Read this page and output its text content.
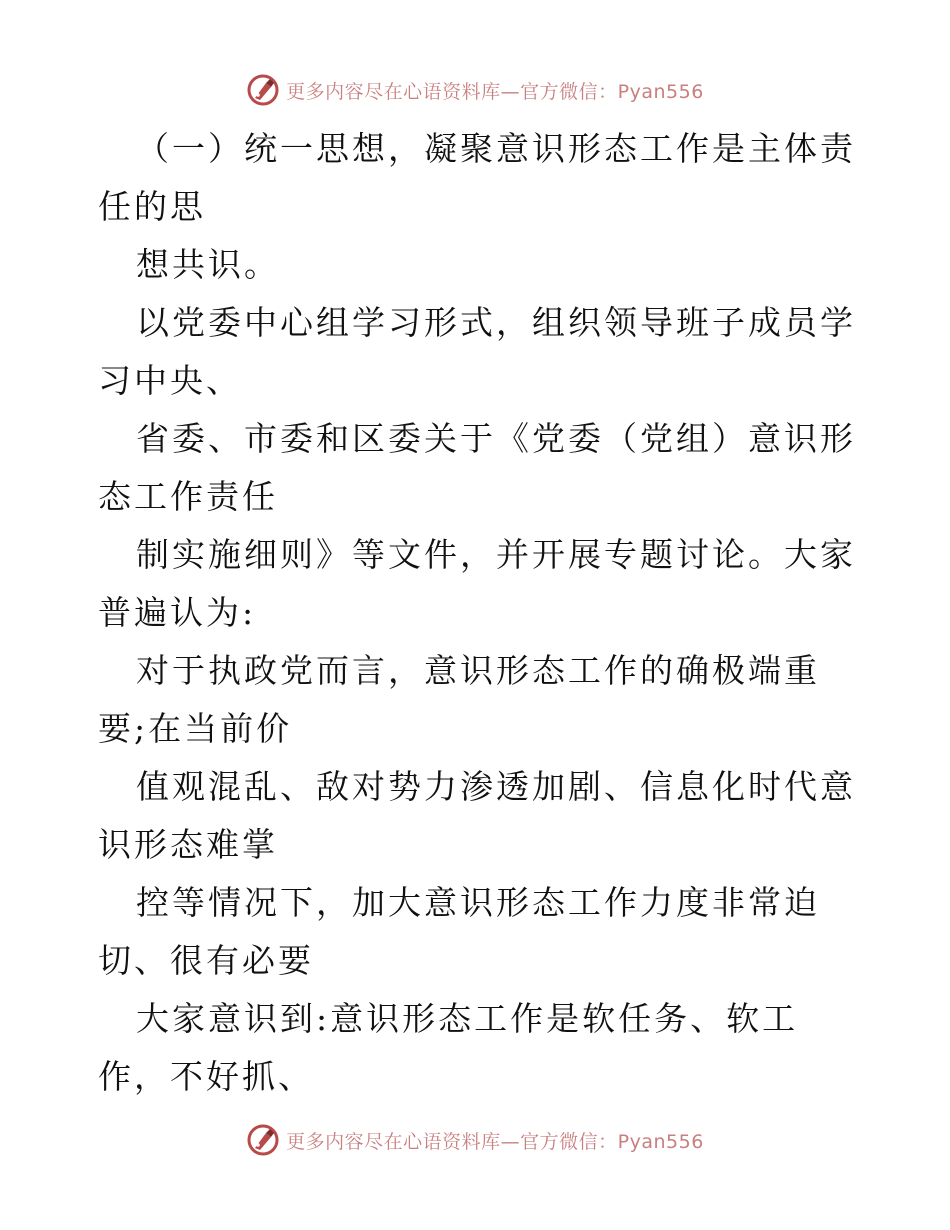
更多内容尽在心语资料库—官方微信：Pyan556

（一）统一思想，凝聚意识形态工作是主体责任的思

想共识。

以党委中心组学习形式，组织领导班子成员学习中央、

省委、市委和区委关于《党委（党组）意识形态工作责任

制实施细则》等文件，并开展专题讨论。大家普遍认为:

对于执政党而言，意识形态工作的确极端重要;在当前价

值观混乱、敌对势力渗透加剧、信息化时代意识形态难掌

控等情况下，加大意识形态工作力度非常迫切、很有必要

大家意识到:意识形态工作是软任务、软工作，不好抓、

更多内容尽在心语资料库—官方微信：Pyan556
